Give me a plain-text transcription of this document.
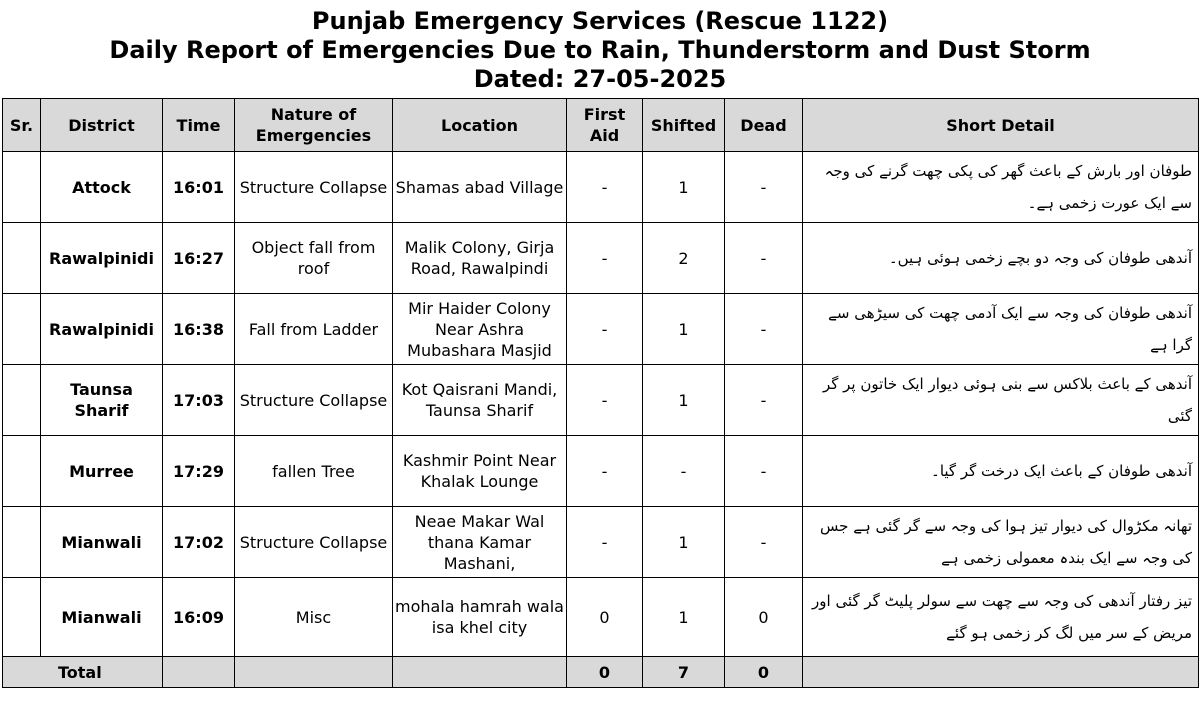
Punjab Emergency Services (Rescue 1122)
Daily Report of Emergencies Due to Rain, Thunderstorm and Dust Storm
Dated: 27-05-2025
Sr.	District	Time	Nature of Emergencies	Location	First Aid	Shifted	Dead	Short Detail
	Attock	16:01	Structure Collapse	Shamas abad Village	-	1	-	طوفان اور بارش کے باعث گھر کی پکی چھت گرنے کی وجہ سے ایک عورت زخمی ہے۔
	Rawalpinidi	16:27	Object fall from roof	Malik Colony, Girja Road, Rawalpindi	-	2	-	آندھی طوفان کی وجہ دو بچے زخمی ہوئی ہیں۔
	Rawalpinidi	16:38	Fall from Ladder	Mir Haider Colony Near Ashra Mubashara Masjid	-	1	-	آندھی طوفان کی وجہ سے ایک آدمی چھت کی سیڑھی سے گرا ہے
	Taunsa Sharif	17:03	Structure Collapse	Kot Qaisrani Mandi, Taunsa Sharif	-	1	-	آندھی کے باعث بلاکس سے بنی ہوئی دیوار ایک خاتون پر گر گئی
	Murree	17:29	fallen Tree	Kashmir Point Near Khalak Lounge	-	-	-	آندھی طوفان کے باعث ایک درخت گر گیا۔
	Mianwali	17:02	Structure Collapse	Neae Makar Wal thana Kamar Mashani,	-	1	-	تھانہ مکڑوال کی دیوار تیز ہوا کی وجہ سے گر گئی ہے جس کی وجہ سے ایک بندہ معمولی زخمی ہے
	Mianwali	16:09	Misc	mohala hamrah wala isa khel city	0	1	0	تیز رفتار آندھی کی وجہ سے چھت سے سولر پلیٹ گر گئی اور مریض کے سر میں لگ کر زخمی ہو گئے
Total					0	7	0	
